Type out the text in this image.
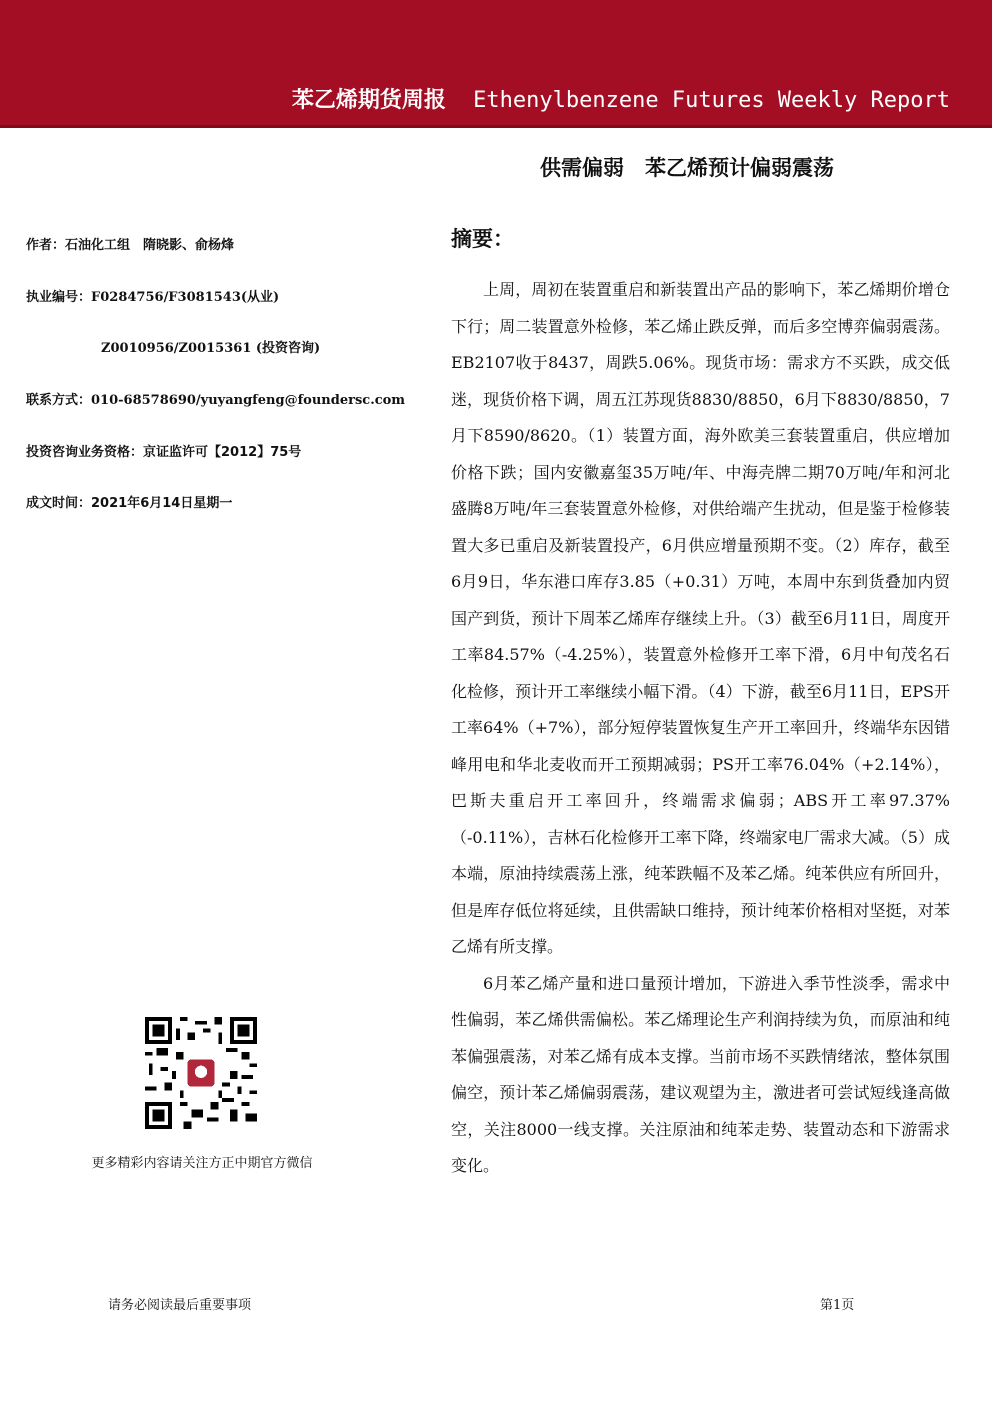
苯乙烯期货周报 Ethenylbenzene Futures Weekly Report
供需偏弱　苯乙烯预计偏弱震荡
作者：石油化工组　隋晓影、俞杨烽
执业编号：F0284756/F3081543(从业)
Z0010956/Z0015361 (投资咨询)
联系方式：010-68578690/yuyangfeng@foundersc.com
投资咨询业务资格：京证监许可【2012】75号
成文时间：2021年6月14日星期一
更多精彩内容请关注方正中期官方微信
摘要：

上周，周初在装置重启和新装置出产品的影响下，苯乙烯期价增仓下行；周二装置意外检修，苯乙烯止跌反弹，而后多空博弈偏弱震荡。EB2107收于8437，周跌5.06%。现货市场：需求方不买跌，成交低迷，现货价格下调，周五江苏现货8830/8850，6月下8830/8850，7月下8590/8620。（1）装置方面，海外欧美三套装置重启，供应增加价格下跌；国内安徽嘉玺35万吨/年、中海壳牌二期70万吨/年和河北盛腾8万吨/年三套装置意外检修，对供给端产生扰动，但是鉴于检修装置大多已重启及新装置投产，6月供应增量预期不变。（2）库存，截至6月9日，华东港口库存3.85（+0.31）万吨，本周中东到货叠加内贸国产到货，预计下周苯乙烯库存继续上升。（3）截至6月11日，周度开工率84.57%（-4.25%），装置意外检修开工率下滑，6月中旬茂名石化检修，预计开工率继续小幅下滑。（4）下游，截至6月11日，EPS开工率64%（+7%），部分短停装置恢复生产开工率回升，终端华东因错峰用电和华北麦收而开工预期减弱；PS开工率76.04%（+2.14%），巴斯夫重启开工率回升，终端需求偏弱；ABS开工率97.37%（-0.11%），吉林石化检修开工率下降，终端家电厂需求大减。（5）成本端，原油持续震荡上涨，纯苯跌幅不及苯乙烯。纯苯供应有所回升，但是库存低位将延续，且供需缺口维持，预计纯苯价格相对坚挺，对苯乙烯有所支撑。

6月苯乙烯产量和进口量预计增加，下游进入季节性淡季，需求中性偏弱，苯乙烯供需偏松。苯乙烯理论生产利润持续为负，而原油和纯苯偏强震荡，对苯乙烯有成本支撑。当前市场不买跌情绪浓，整体氛围偏空，预计苯乙烯偏弱震荡，建议观望为主，激进者可尝试短线逢高做空，关注8000一线支撑。关注原油和纯苯走势、装置动态和下游需求变化。

请务必阅读最后重要事项	第1页
